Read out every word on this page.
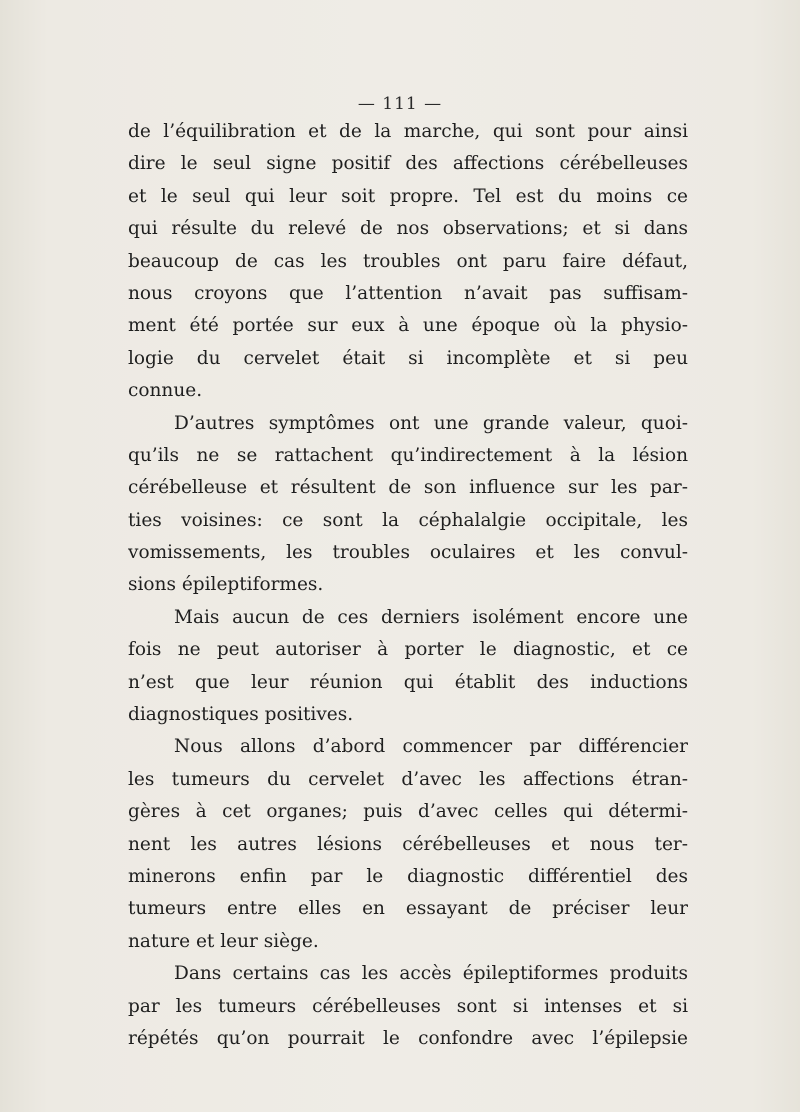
— 111 —
de l’équilibration et de la marche, qui sont pour ainsi
dire le seul signe positif des affections cérébelleuses
et le seul qui leur soit propre. Tel est du moins ce
qui résulte du relevé de nos observations; et si dans
beaucoup de cas les troubles ont paru faire défaut,
nous croyons que l’attention n’avait pas suffisam-
ment été portée sur eux à une époque où la physio-
logie du cervelet était si incomplète et si peu
connue.
D’autres symptômes ont une grande valeur, quoi-
qu’ils ne se rattachent qu’indirectement à la lésion
cérébelleuse et résultent de son influence sur les par-
ties voisines: ce sont la céphalalgie occipitale, les
vomissements, les troubles oculaires et les convul-
sions épileptiformes.
Mais aucun de ces derniers isolément encore une
fois ne peut autoriser à porter le diagnostic, et ce
n’est que leur réunion qui établit des inductions
diagnostiques positives.
Nous allons d’abord commencer par différencier
les tumeurs du cervelet d’avec les affections étran-
gères à cet organes; puis d’avec celles qui détermi-
nent les autres lésions cérébelleuses et nous ter-
minerons enfin par le diagnostic différentiel des
tumeurs entre elles en essayant de préciser leur
nature et leur siège.
Dans certains cas les accès épileptiformes produits
par les tumeurs cérébelleuses sont si intenses et si
répétés qu’on pourrait le confondre avec l’épilepsie
